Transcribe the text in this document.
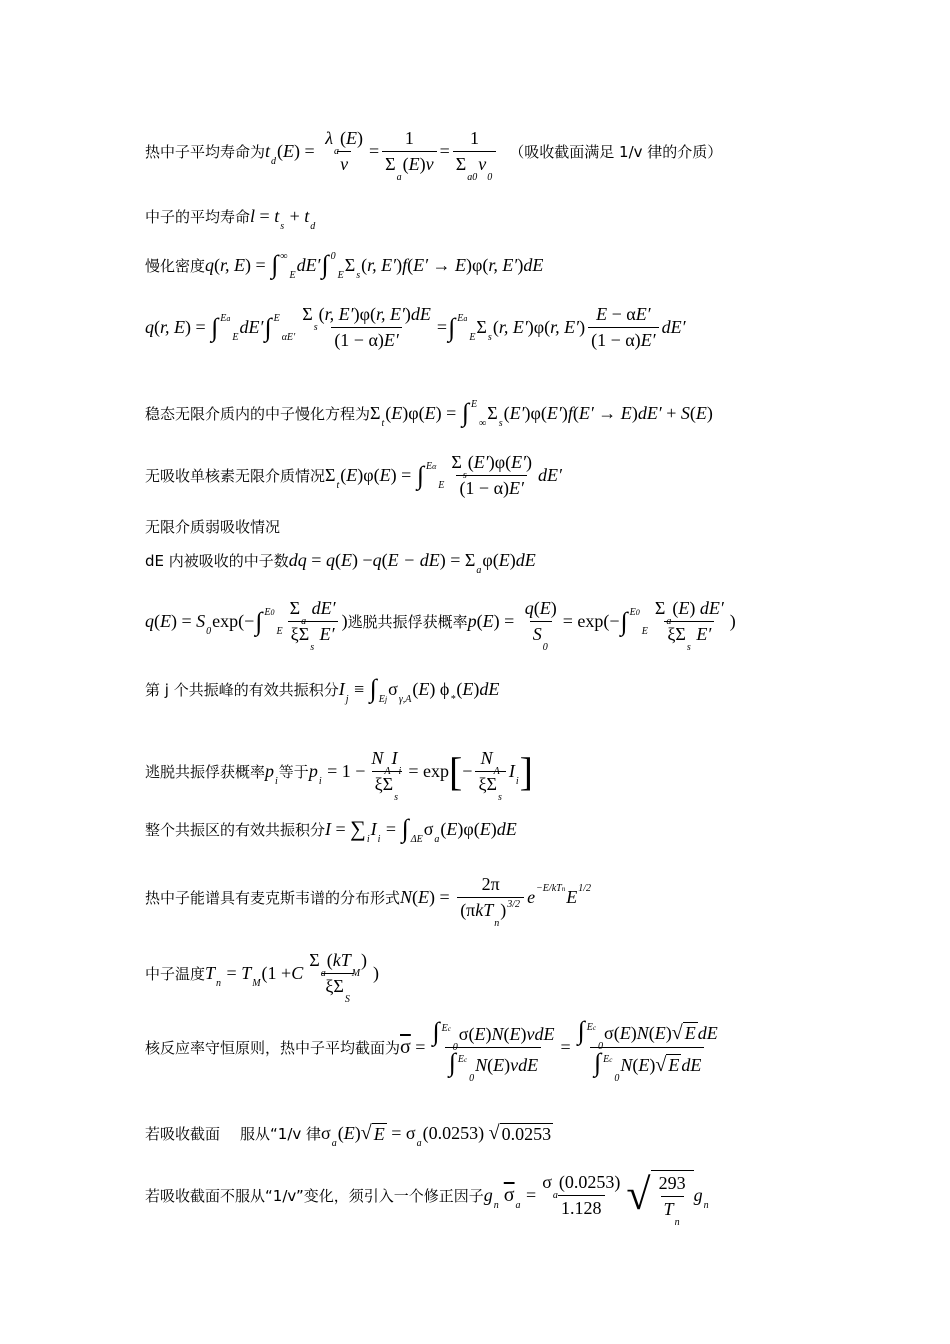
热中子平均寿命为 t
d
( E ) = $\frac{\lambda_a(E)}{v} = \frac{1}{\Sigma_a(E)v} = \frac{1}{\Sigma_{a0}v_0}$ （吸收截面满足 1/v 律的介质）
中子的平均寿命 l = t
s
+ t
d
慢化密度 q ( r, E ) = ∫ ∞
E
dE′ ∫ 0
E
Σ
s
( r, E′ ) f ( E′ → E )φ( r, E′ ) dE
q ( r, E ) = ∫ Ea
E
dE′ ∫ E
$\alpha E' \frac{\Sigma_s(r, E')\varphi(r, E')dE}{(1 - \alpha)E'}$ = ∫ Ea
E
Σ
s
( r, E′ )φ( r, E′ ) $\frac{E - \alpha E'}{(1 - \alpha)E'} dE'$
稳态无限介质内的中子慢化方程为 Σ
t
( E )φ( E ) = ∫ E
∞
Σ
s
( E′ )φ( E′ ) f ( E′ → E ) dE′ + S ( E )
无吸收单核素无限介质情况 Σ
t
( E )φ( E ) = ∫ Eα
E $\frac{\Sigma_s(E')\varphi(E')}{(1 - \alpha)E'} dE'$
无限介质弱吸收情况
dE 内被吸收的中子数 dq = q ( E ) − q ( E − dE ) = Σ
a
φ( E ) dE
q ( E ) = S
0
exp(− ∫ E0
E $\frac{\Sigma_a dE'}{\xi\Sigma_s E'}$ ) 逃脱共振俘获概率 p ( E ) = $\frac{q(E)}{S_0} = \exp(-$ ∫ E0
E $\frac{\Sigma_a(E) dE'}{\xi\Sigma_s E'}$ )
第 j 个共振峰的有效共振积分 I
j
≡ ∫ Ej
σ
γ,A
( E ) ϕ
*
( E ) dE
逃脱共振俘获概率 p
i
等于 p
i
= $1 - \frac{N_AI_i}{\xi\Sigma_s} = \exp$ [ − $\frac{N_A}{\xi\Sigma_s}$ I
i ]
整个共振区的有效共振积分 I = ∑ i
I
i
= ∫ ΔE
σ
a
( E )φ( E ) dE
热中子能谱具有麦克斯韦谱的分布形式 N ( E ) = $\frac{2\pi}{(\pi kT_n)^{3/2}}$ e −E/kTn E 1/2
中子温度 T
n
= T
M
(1 + C $\frac{\Sigma_a(kT_M)}{\xi\Sigma_S}$ )
核反应率守恒原则，热中子平均截面为 $\overline{\sigma} = \frac{\int ^{Ec}_0\sigma(E)N(E)vdE}{\int ^{Ec}_0N(E)vdE} = \frac{\int ^{Ec}_0\sigma(E)N(E)√ E dE}{\int ^{Ec}_0N(E)√ E dE}$
若吸收截面 服从“1/v 律 σ
a
( E ) √ E = σ
a
(0.0253) √ 0.0253
若吸收截面不服从“1/v”变化，须引入一个修正因子 g
n $\overline{\sigma}$ a
= $\frac{\sigma_a(0.0253)}{1.128}$ √ $\frac{293}{T_n}$ g
n
